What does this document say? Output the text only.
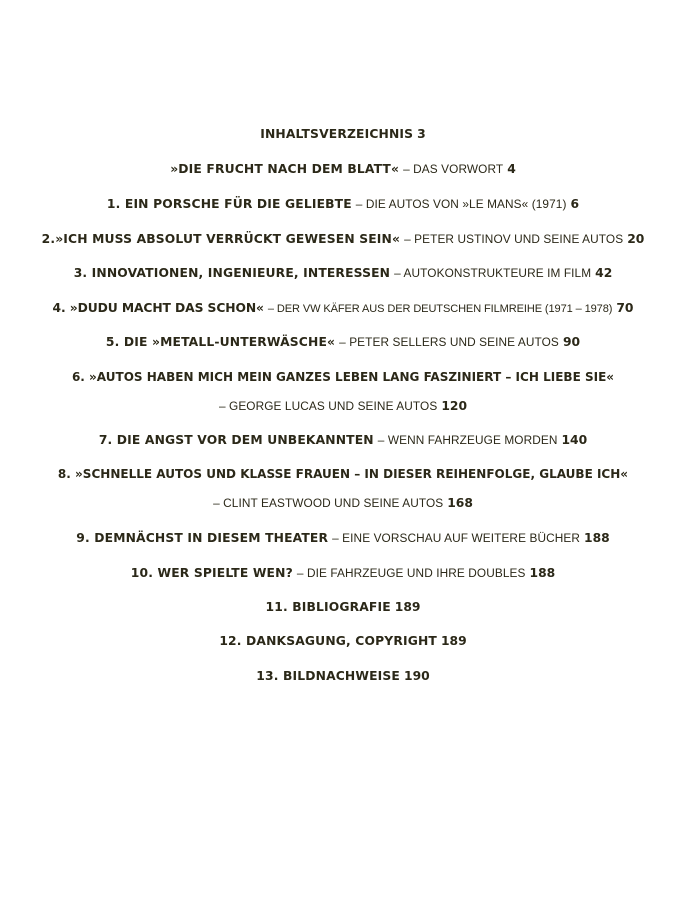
INHALTSVERZEICHNIS 3
»DIE FRUCHT NACH DEM BLATT« – DAS VORWORT 4
1. EIN PORSCHE FÜR DIE GELIEBTE – DIE AUTOS VON »LE MANS« (1971) 6
2.»ICH MUSS ABSOLUT VERRÜCKT GEWESEN SEIN« – PETER USTINOV UND SEINE AUTOS 20
3. INNOVATIONEN, INGENIEURE, INTERESSEN – AUTOKONSTRUKTEURE IM FILM 42
4. »DUDU MACHT DAS SCHON« – DER VW KÄFER AUS DER DEUTSCHEN FILMREIHE (1971 – 1978) 70
5. DIE »METALL-UNTERWÄSCHE« – PETER SELLERS UND SEINE AUTOS 90
6. »AUTOS HABEN MICH MEIN GANZES LEBEN LANG FASZINIERT – ICH LIEBE SIE«
– GEORGE LUCAS UND SEINE AUTOS 120
7. DIE ANGST VOR DEM UNBEKANNTEN – WENN FAHRZEUGE MORDEN 140
8. »SCHNELLE AUTOS UND KLASSE FRAUEN – IN DIESER REIHENFOLGE, GLAUBE ICH«
– CLINT EASTWOOD UND SEINE AUTOS 168
9. DEMNÄCHST IN DIESEM THEATER – EINE VORSCHAU AUF WEITERE BÜCHER 188
10. WER SPIELTE WEN? – DIE FAHRZEUGE UND IHRE DOUBLES 188
11. BIBLIOGRAFIE 189
12. DANKSAGUNG, COPYRIGHT 189
13. BILDNACHWEISE 190
